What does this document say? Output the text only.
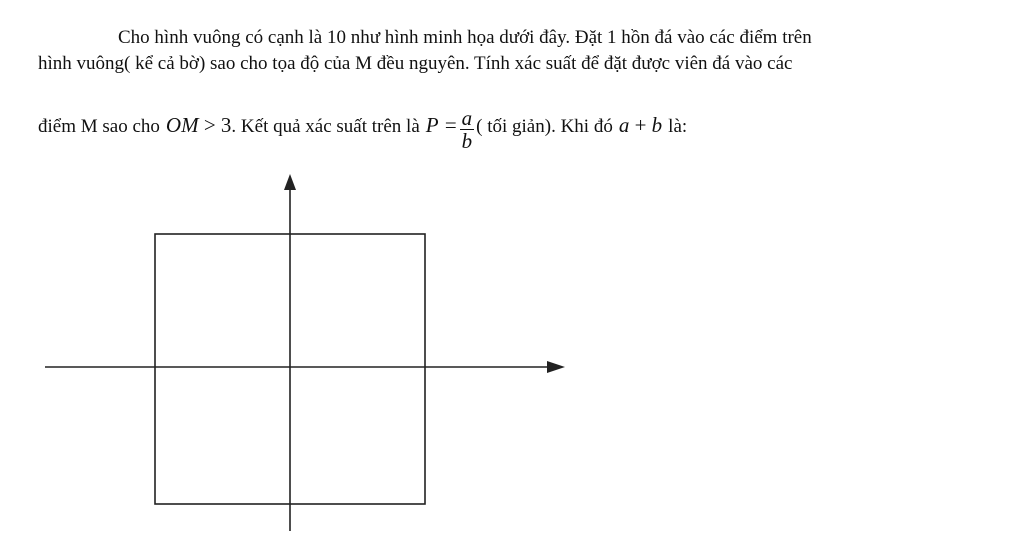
Cho hình vuông có cạnh là 10 như hình minh họa dưới đây. Đặt 1 hồn đá vào các điểm trên
hình vuông( kể cả bờ) sao cho tọa độ của M đều nguyên. Tính xác suất để đặt được viên đá vào các
điểm M sao cho OM > 3. Kết quả xác suất trên là $P = \frac{a}{b}$ ( tối giản). Khi đó a + b là:
